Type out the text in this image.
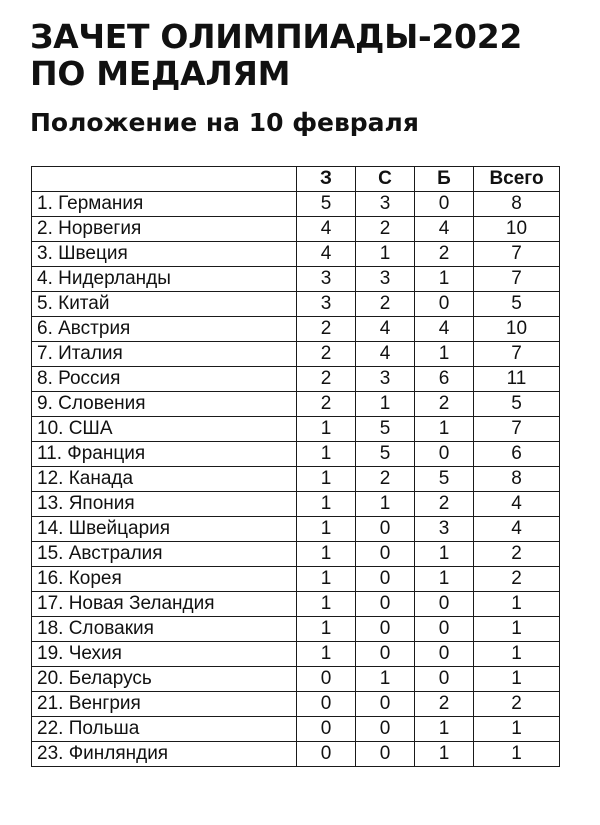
ЗАЧЕТ ОЛИМПИАДЫ-2022
ПО МЕДАЛЯМ
Положение на 10 февраля
	З	С	Б	Всего
1. Германия	5	3	0	8
2. Норвегия	4	2	4	10
3. Швеция	4	1	2	7
4. Нидерланды	3	3	1	7
5. Китай	3	2	0	5
6. Австрия	2	4	4	10
7. Италия	2	4	1	7
8. Россия	2	3	6	11
9. Словения	2	1	2	5
10. США	1	5	1	7
11. Франция	1	5	0	6
12. Канада	1	2	5	8
13. Япония	1	1	2	4
14. Швейцария	1	0	3	4
15. Австралия	1	0	1	2
16. Корея	1	0	1	2
17. Новая Зеландия	1	0	0	1
18. Словакия	1	0	0	1
19. Чехия	1	0	0	1
20. Беларусь	0	1	0	1
21. Венгрия	0	0	2	2
22. Польша	0	0	1	1
23. Финляндия	0	0	1	1
